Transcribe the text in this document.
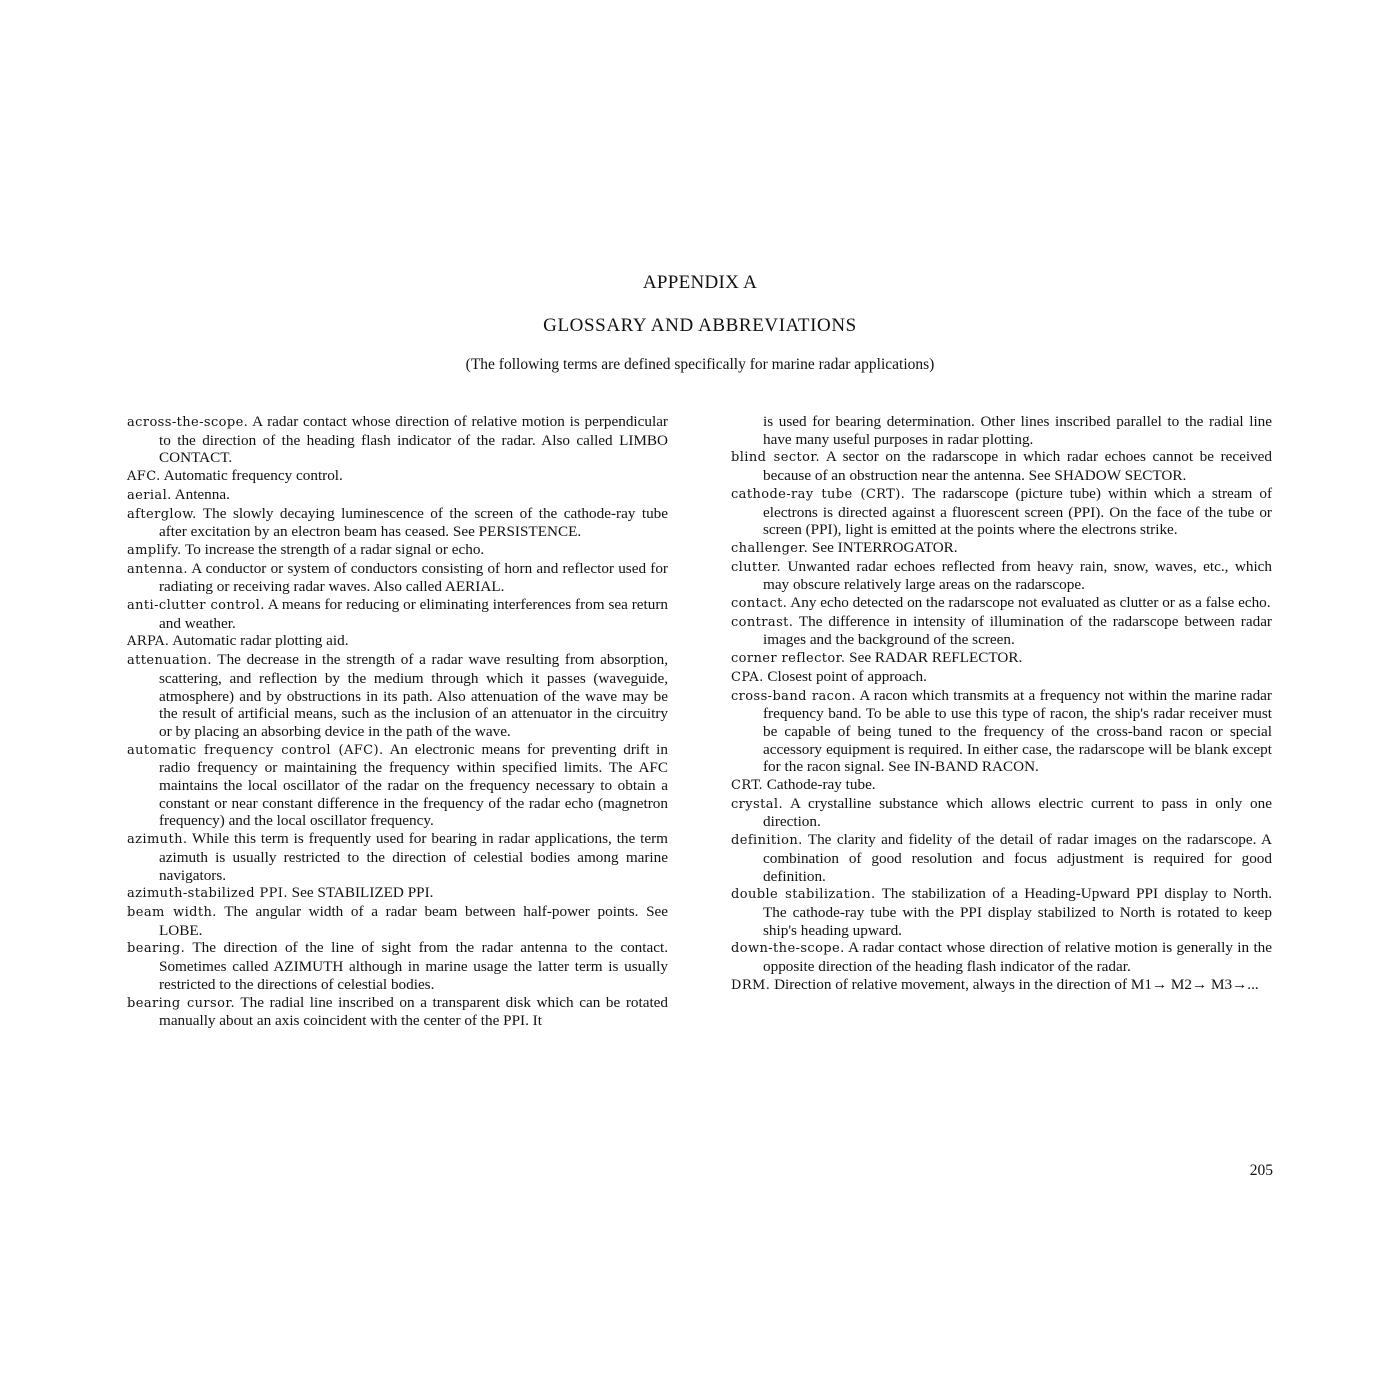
APPENDIX A
GLOSSARY AND ABBREVIATIONS

(The following terms are defined specifically for marine radar applications)

across-the-scope. A radar contact whose direction of relative motion is perpendicular to the direction of the heading flash indicator of the radar. Also called LIMBO CONTACT.
AFC. Automatic frequency control.
aerial. Antenna.
afterglow. The slowly decaying luminescence of the screen of the cathode-ray tube after excitation by an electron beam has ceased. See PERSISTENCE.
amplify. To increase the strength of a radar signal or echo.
antenna. A conductor or system of conductors consisting of horn and reflector used for radiating or receiving radar waves. Also called AERIAL.
anti-clutter control. A means for reducing or eliminating interferences from sea return and weather.
ARPA. Automatic radar plotting aid.
attenuation. The decrease in the strength of a radar wave resulting from absorption, scattering, and reflection by the medium through which it passes (waveguide, atmosphere) and by obstructions in its path. Also attenuation of the wave may be the result of artificial means, such as the inclusion of an attenuator in the circuitry or by placing an absorbing device in the path of the wave.
automatic frequency control (AFC). An electronic means for preventing drift in radio frequency or maintaining the frequency within specified limits. The AFC maintains the local oscillator of the radar on the frequency necessary to obtain a constant or near constant difference in the frequency of the radar echo (magnetron frequency) and the local oscillator frequency.
azimuth. While this term is frequently used for bearing in radar applications, the term azimuth is usually restricted to the direction of celestial bodies among marine navigators.
azimuth-stabilized PPI. See STABILIZED PPI.
beam width. The angular width of a radar beam between half-power points. See LOBE.
bearing. The direction of the line of sight from the radar antenna to the contact. Sometimes called AZIMUTH although in marine usage the latter term is usually restricted to the directions of celestial bodies.
bearing cursor. The radial line inscribed on a transparent disk which can be rotated manually about an axis coincident with the center of the PPI. It
is used for bearing determination. Other lines inscribed parallel to the radial line have many useful purposes in radar plotting.
blind sector. A sector on the radarscope in which radar echoes cannot be received because of an obstruction near the antenna. See SHADOW SECTOR.
cathode-ray tube (CRT). The radarscope (picture tube) within which a stream of electrons is directed against a fluorescent screen (PPI). On the face of the tube or screen (PPI), light is emitted at the points where the electrons strike.
challenger. See INTERROGATOR.
clutter. Unwanted radar echoes reflected from heavy rain, snow, waves, etc., which may obscure relatively large areas on the radarscope.
contact. Any echo detected on the radarscope not evaluated as clutter or as a false echo.
contrast. The difference in intensity of illumination of the radarscope between radar images and the background of the screen.
corner reflector. See RADAR REFLECTOR.
CPA. Closest point of approach.
cross-band racon. A racon which transmits at a frequency not within the marine radar frequency band. To be able to use this type of racon, the ship's radar receiver must be capable of being tuned to the frequency of the cross-band racon or special accessory equipment is required. In either case, the radarscope will be blank except for the racon signal. See IN-BAND RACON.
CRT. Cathode-ray tube.
crystal. A crystalline substance which allows electric current to pass in only one direction.
definition. The clarity and fidelity of the detail of radar images on the radarscope. A combination of good resolution and focus adjustment is required for good definition.
double stabilization. The stabilization of a Heading-Upward PPI display to North. The cathode-ray tube with the PPI display stabilized to North is rotated to keep ship's heading upward.
down-the-scope. A radar contact whose direction of relative motion is generally in the opposite direction of the heading flash indicator of the radar.
DRM. Direction of relative movement, always in the direction of M1→ M2→ M3→...
205
